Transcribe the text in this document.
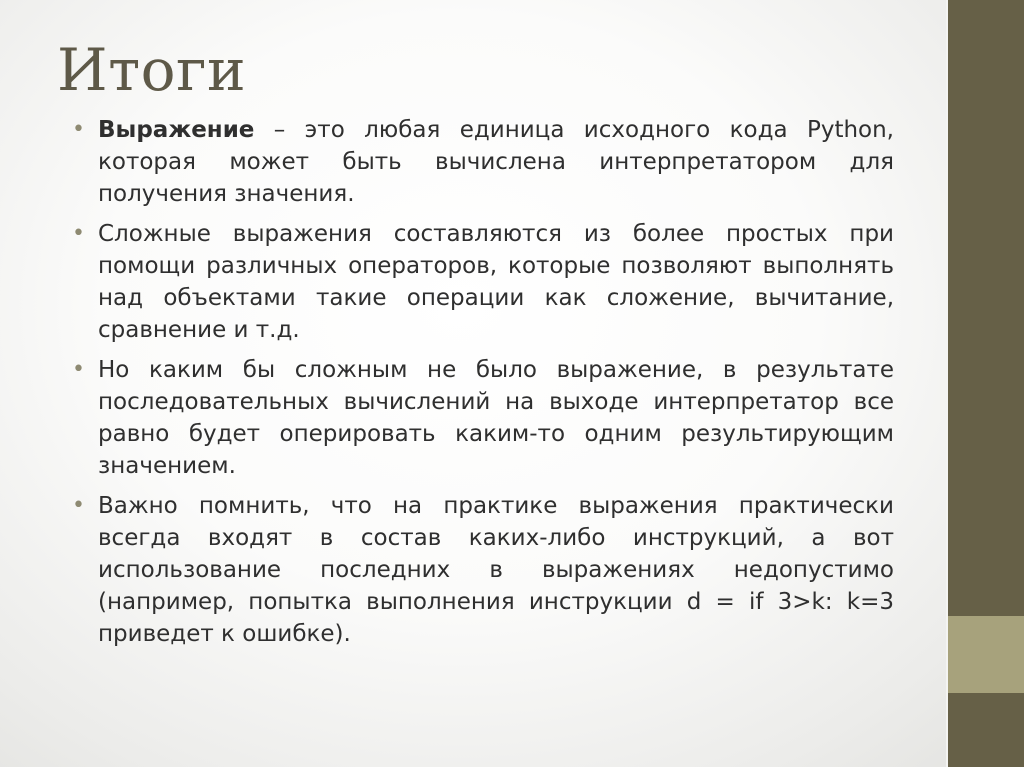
Итоги
• Выражение – это любая единица исходного кода Python, которая может быть вычислена интерпретатором для получения значения.
• Сложные выражения составляются из более простых при помощи различных операторов, которые позволяют выполнять над объектами такие операции как сложение, вычитание, сравнение и т.д.
• Но каким бы сложным не было выражение, в результате последовательных вычислений на выходе интерпретатор все равно будет оперировать каким-то одним результирующим значением.
• Важно помнить, что на практике выражения практически всегда входят в состав каких-либо инструкций, а вот использование последних в выражениях недопустимо (например, попытка выполнения инструкции d = if 3>k: k=3 приведет к ошибке).
